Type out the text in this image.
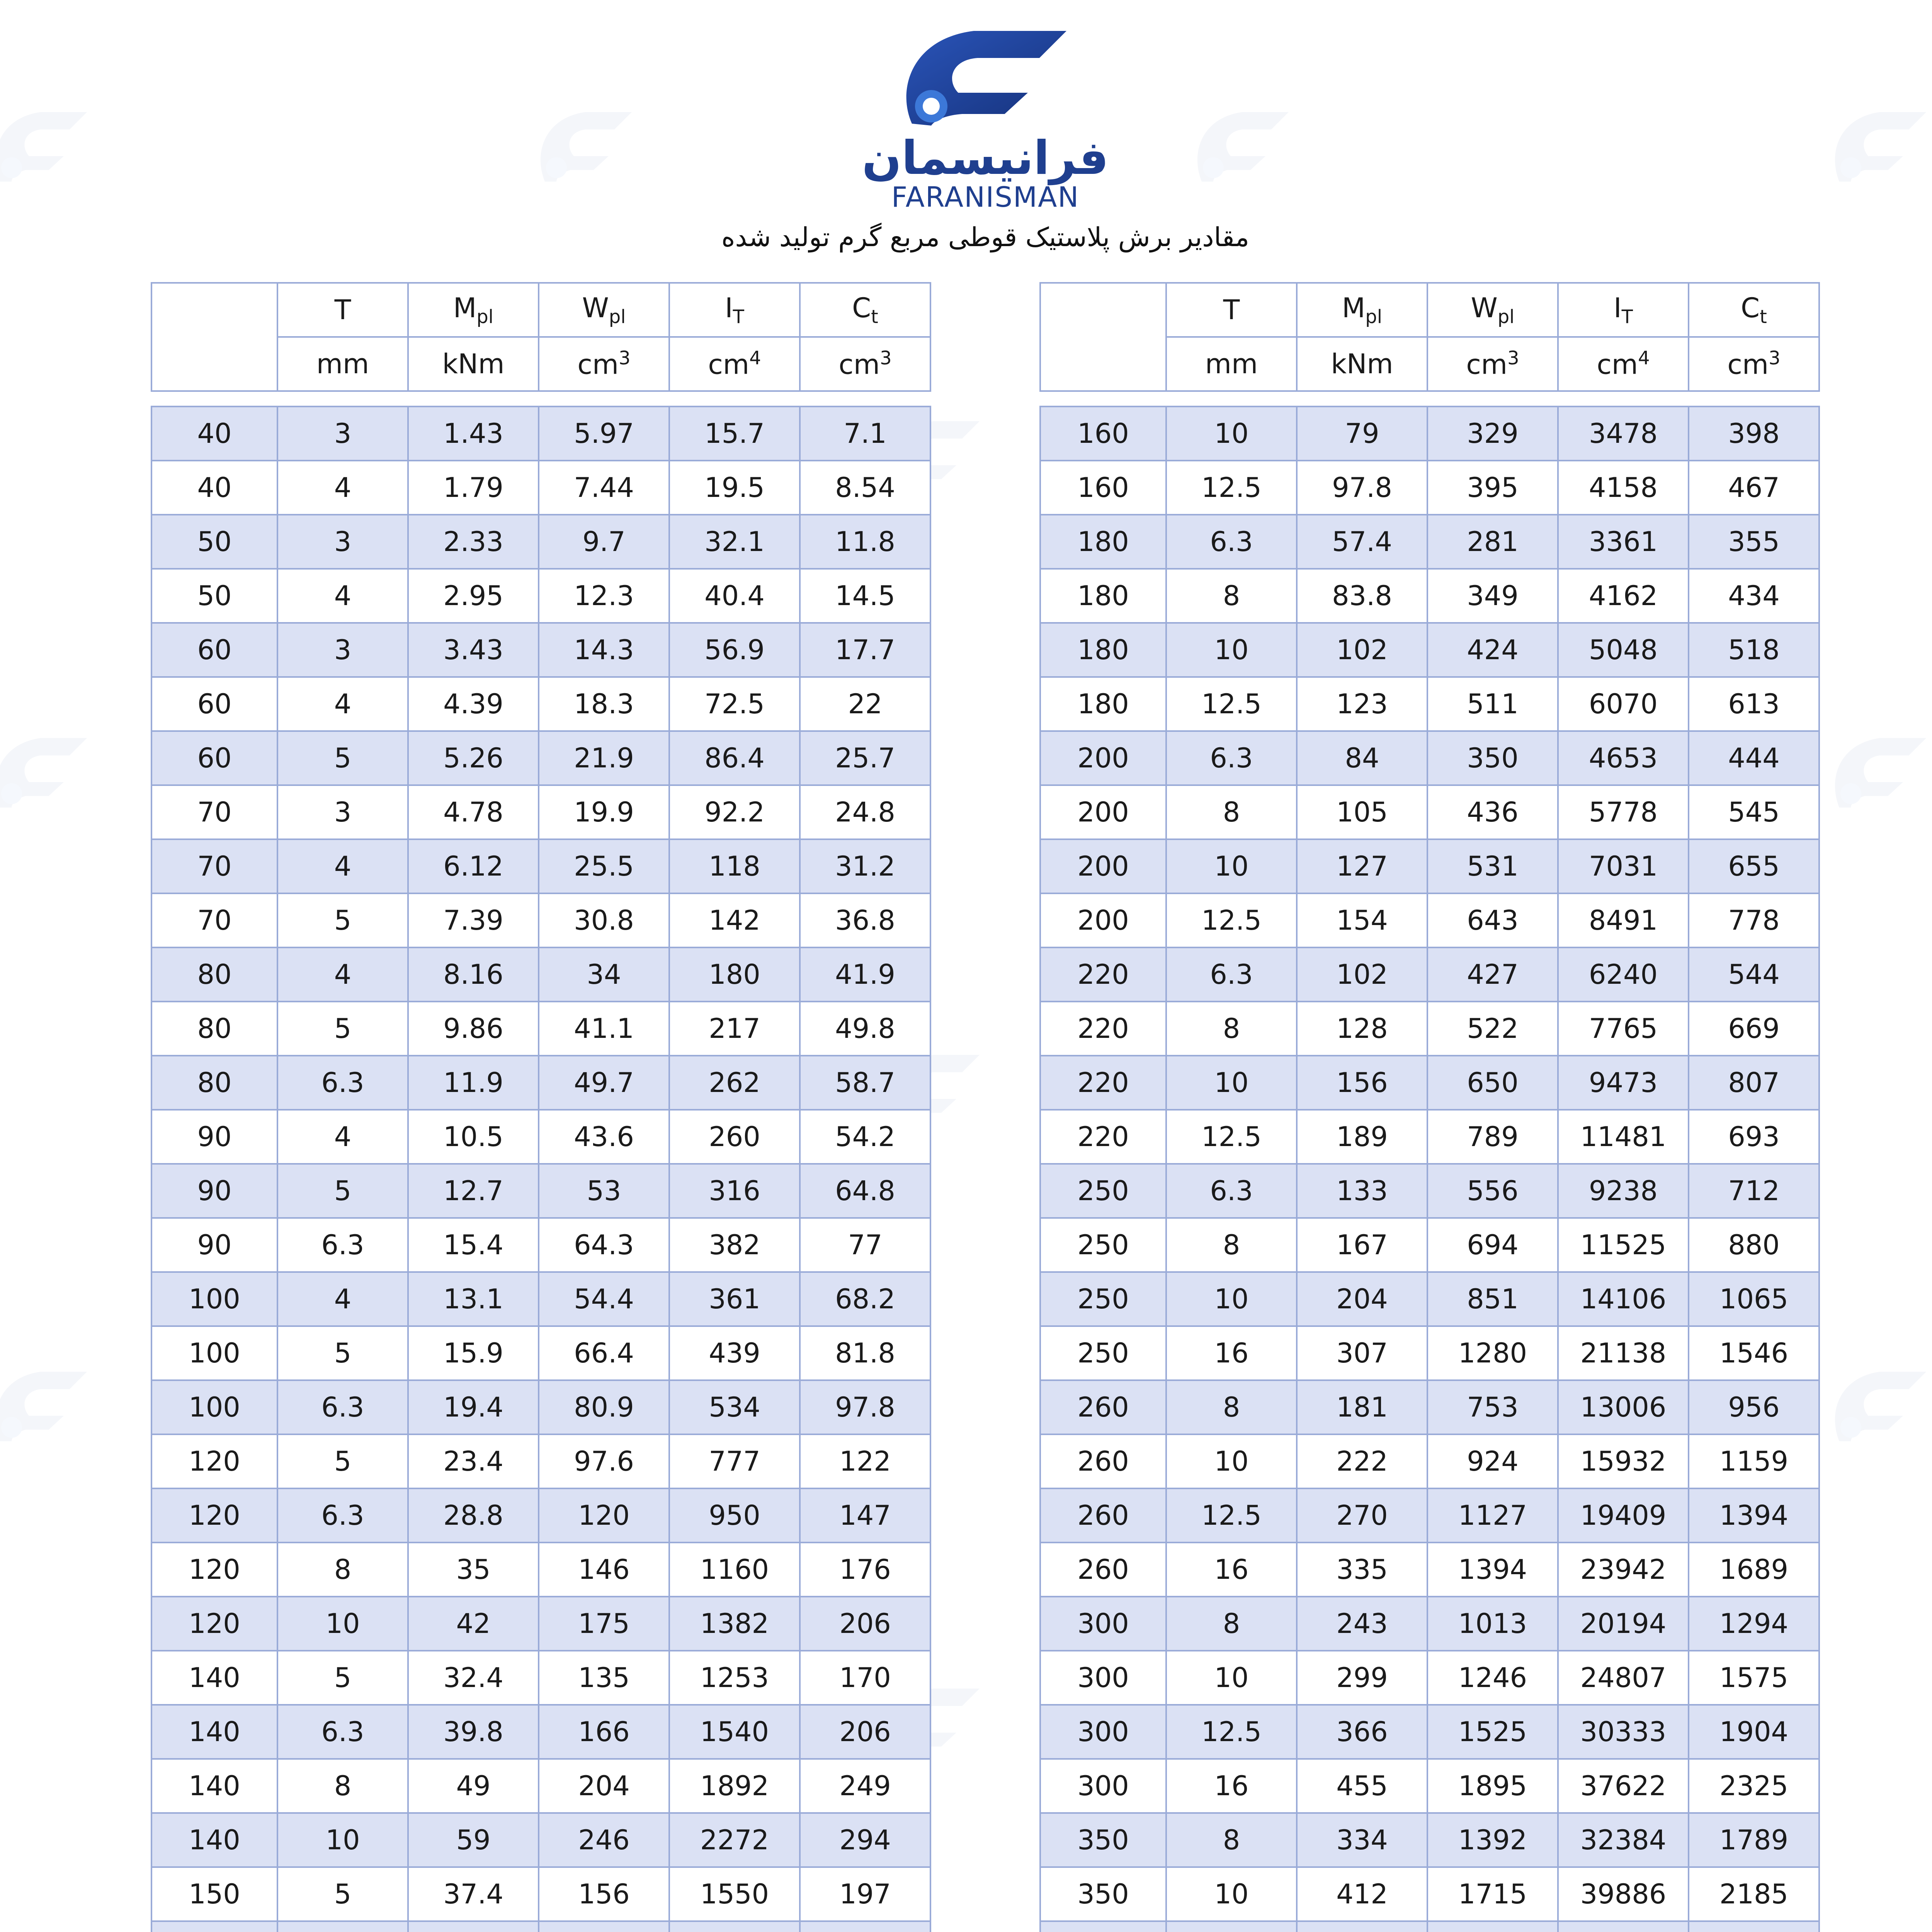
فرانیسمان
FARANISMAN
مقادیر برش پلاستیک قوطی مربع گرم تولید شده
	T	$M_{pl}$	$W_{pl}$	$I_T$	$C_t$
	mm	kNm	$cm^3$	$cm^4$	$cm^3$
	T	$M_{pl}$	$W_{pl}$	$I_T$	$C_t$
	mm	kNm	$cm^3$	$cm^4$	$cm^3$
40	3	1.43	5.97	15.7	7.1
40	4	1.79	7.44	19.5	8.54
50	3	2.33	9.7	32.1	11.8
50	4	2.95	12.3	40.4	14.5
60	3	3.43	14.3	56.9	17.7
60	4	4.39	18.3	72.5	22
60	5	5.26	21.9	86.4	25.7
70	3	4.78	19.9	92.2	24.8
70	4	6.12	25.5	118	31.2
70	5	7.39	30.8	142	36.8
80	4	8.16	34	180	41.9
80	5	9.86	41.1	217	49.8
80	6.3	11.9	49.7	262	58.7
90	4	10.5	43.6	260	54.2
90	5	12.7	53	316	64.8
90	6.3	15.4	64.3	382	77
100	4	13.1	54.4	361	68.2
100	5	15.9	66.4	439	81.8
100	6.3	19.4	80.9	534	97.8
120	5	23.4	97.6	777	122
120	6.3	28.8	120	950	147
120	8	35	146	1160	176
120	10	42	175	1382	206
140	5	32.4	135	1253	170
140	6.3	39.8	166	1540	206
140	8	49	204	1892	249
140	10	59	246	2272	294
150	5	37.4	156	1550	197

160	10	79	329	3478	398
160	12.5	97.8	395	4158	467
180	6.3	57.4	281	3361	355
180	8	83.8	349	4162	434
180	10	102	424	5048	518
180	12.5	123	511	6070	613
200	6.3	84	350	4653	444
200	8	105	436	5778	545
200	10	127	531	7031	655
200	12.5	154	643	8491	778
220	6.3	102	427	6240	544
220	8	128	522	7765	669
220	10	156	650	9473	807
220	12.5	189	789	11481	693
250	6.3	133	556	9238	712
250	8	167	694	11525	880
250	10	204	851	14106	1065
250	16	307	1280	21138	1546
260	8	181	753	13006	956
260	10	222	924	15932	1159
260	12.5	270	1127	19409	1394
260	16	335	1394	23942	1689
300	8	243	1013	20194	1294
300	10	299	1246	24807	1575
300	12.5	366	1525	30333	1904
300	16	455	1895	37622	2325
350	8	334	1392	32384	1789
350	10	412	1715	39886	2185
